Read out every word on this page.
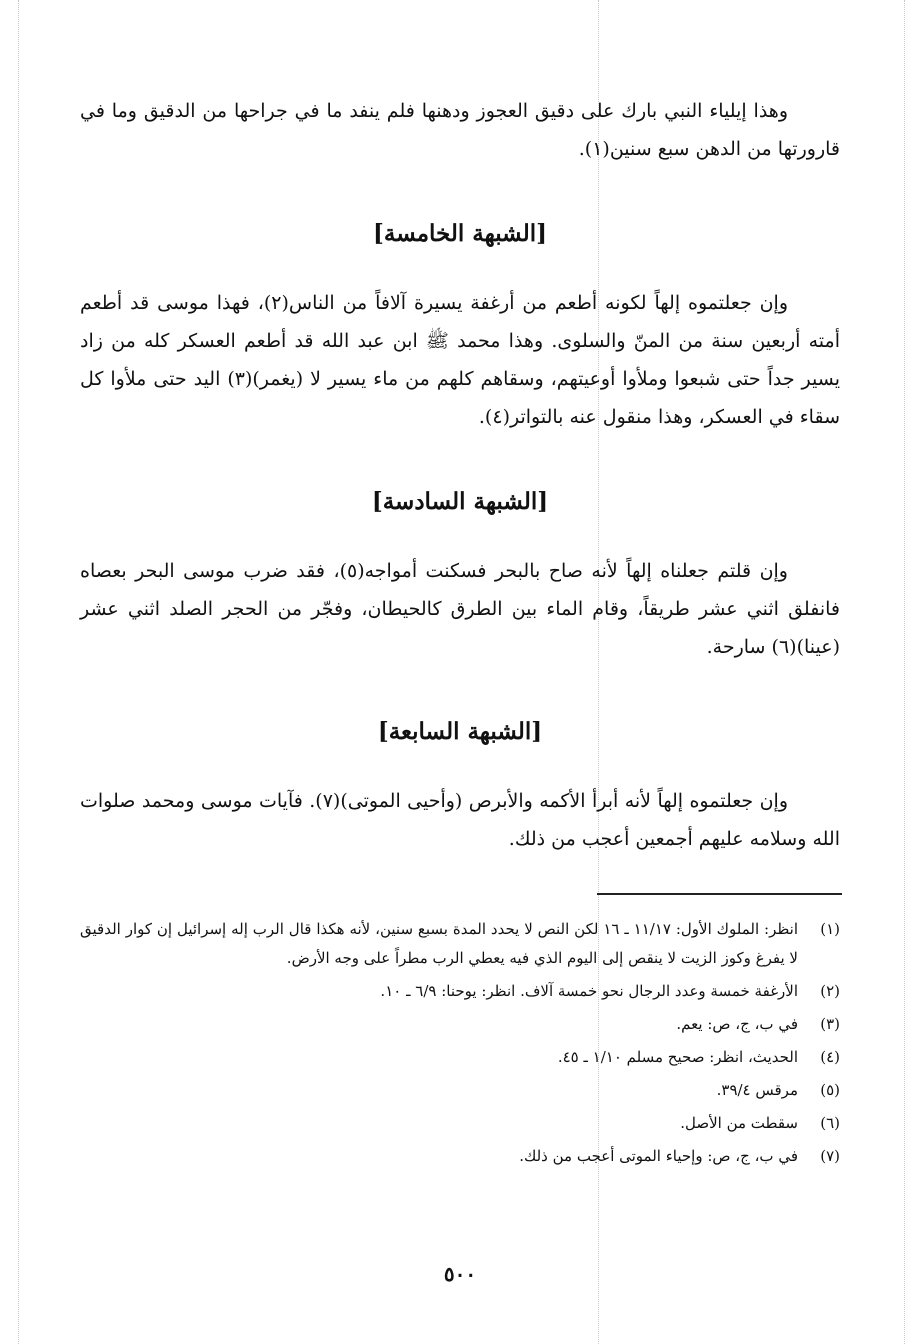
وهذا إيلياء النبي بارك على دقيق العجوز ودهنها فلم ينفد ما في جراحها من الدقيق وما في قارورتها من الدهن سبع سنين(١).

[الشبهة الخامسة]

وإن جعلتموه إلهاً لكونه أطعم من أرغفة يسيرة آلافاً من الناس(٢)، فهذا موسى قد أطعم أمته أربعين سنة من المنّ والسلوى. وهذا محمد ﷺ ابن عبد الله قد أطعم العسكر كله من زاد يسير جداً حتى شبعوا وملأوا أوعيتهم، وسقاهم كلهم من ماء يسير لا (يغمر)(٣) اليد حتى ملأوا كل سقاء في العسكر، وهذا منقول عنه بالتواتر(٤).

[الشبهة السادسة]

وإن قلتم جعلناه إلهاً لأنه صاح بالبحر فسكنت أمواجه(٥)، فقد ضرب موسى البحر بعصاه فانفلق اثني عشر طريقاً، وقام الماء بين الطرق كالحيطان، وفجّر من الحجر الصلد اثني عشر (عينا)(٦) سارحة.

[الشبهة السابعة]

وإن جعلتموه إلهاً لأنه أبرأ الأكمه والأبرص (وأحيى الموتى)(٧). فآيات موسى ومحمد صلوات الله وسلامه عليهم أجمعين أعجب من ذلك.

(١)
انظر: الملوك الأول: ١١/١٧ ـ ١٦ لكن النص لا يحدد المدة بسبع سنين، لأنه هكذا قال الرب إله إسرائيل إن كوار الدقيق لا يفرغ وكوز الزيت لا ينقص إلى اليوم الذي فيه يعطي الرب مطراً على وجه الأرض.
(٢)
الأرغفة خمسة وعدد الرجال نحو خمسة آلاف. انظر: يوحنا: ٦/٩ ـ ١٠.
(٣)
في ب، ج، ص: يعم.
(٤)
الحديث، انظر: صحيح مسلم ١/١٠ ـ ٤٥.
(٥)
مرقس ٣٩/٤.
(٦)
سقطت من الأصل.
(٧)
في ب، ج، ص: وإحياء الموتى أعجب من ذلك.
٥٠٠
